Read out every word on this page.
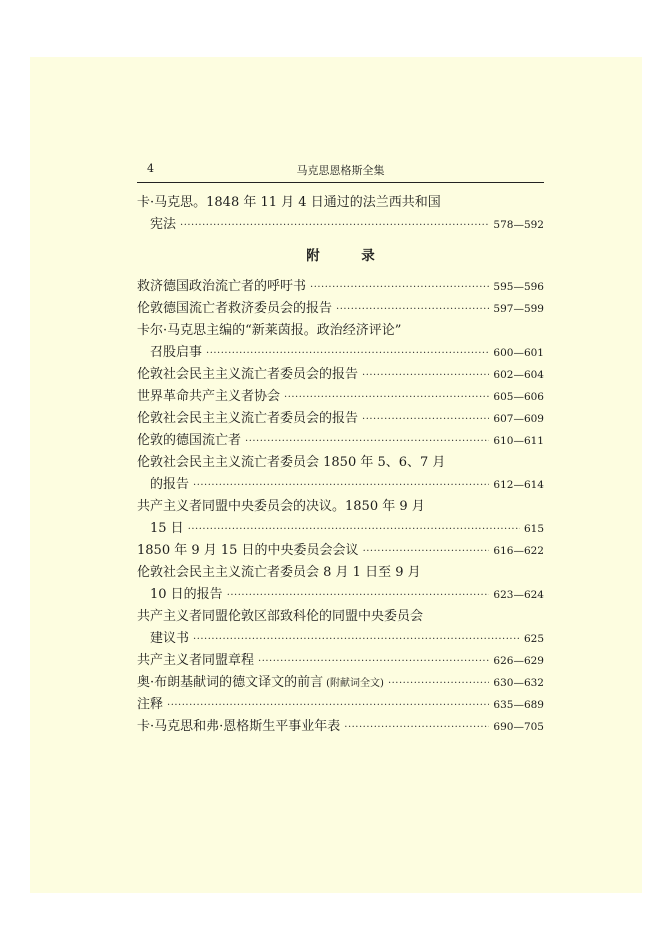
4	马克思恩格斯全集
卡·马克思。1848 年 11 月 4 日通过的法兰西共和国
宪法 ·····	578—592
附　录
救济德国政治流亡者的呼吁书 ·····	595—596
伦敦德国流亡者救济委员会的报告 ·····	597—599
卡尔·马克思主编的“新莱茵报。政治经济评论”
召股启事 ·····	600—601
伦敦社会民主主义流亡者委员会的报告 ·····	602—604
世界革命共产主义者协会 ·····	605—606
伦敦社会民主主义流亡者委员会的报告 ·····	607—609
伦敦的德国流亡者 ·····	610—611
伦敦社会民主主义流亡者委员会 1850 年 5、6、7 月
的报告 ·····	612—614
共产主义者同盟中央委员会的决议。1850 年 9 月
15 日 ·····	615
1850 年 9 月 15 日的中央委员会会议 ·····	616—622
伦敦社会民主主义流亡者委员会 8 月 1 日至 9 月
10 日的报告 ·····	623—624
共产主义者同盟伦敦区部致科伦的同盟中央委员会
建议书 ·····	625
共产主义者同盟章程 ·····	626—629
奥·布朗基献词的德文译文的前言 (附献词全文) ·····	630—632
注释 ·····	635—689
卡·马克思和弗·恩格斯生平事业年表 ·····	690—705
